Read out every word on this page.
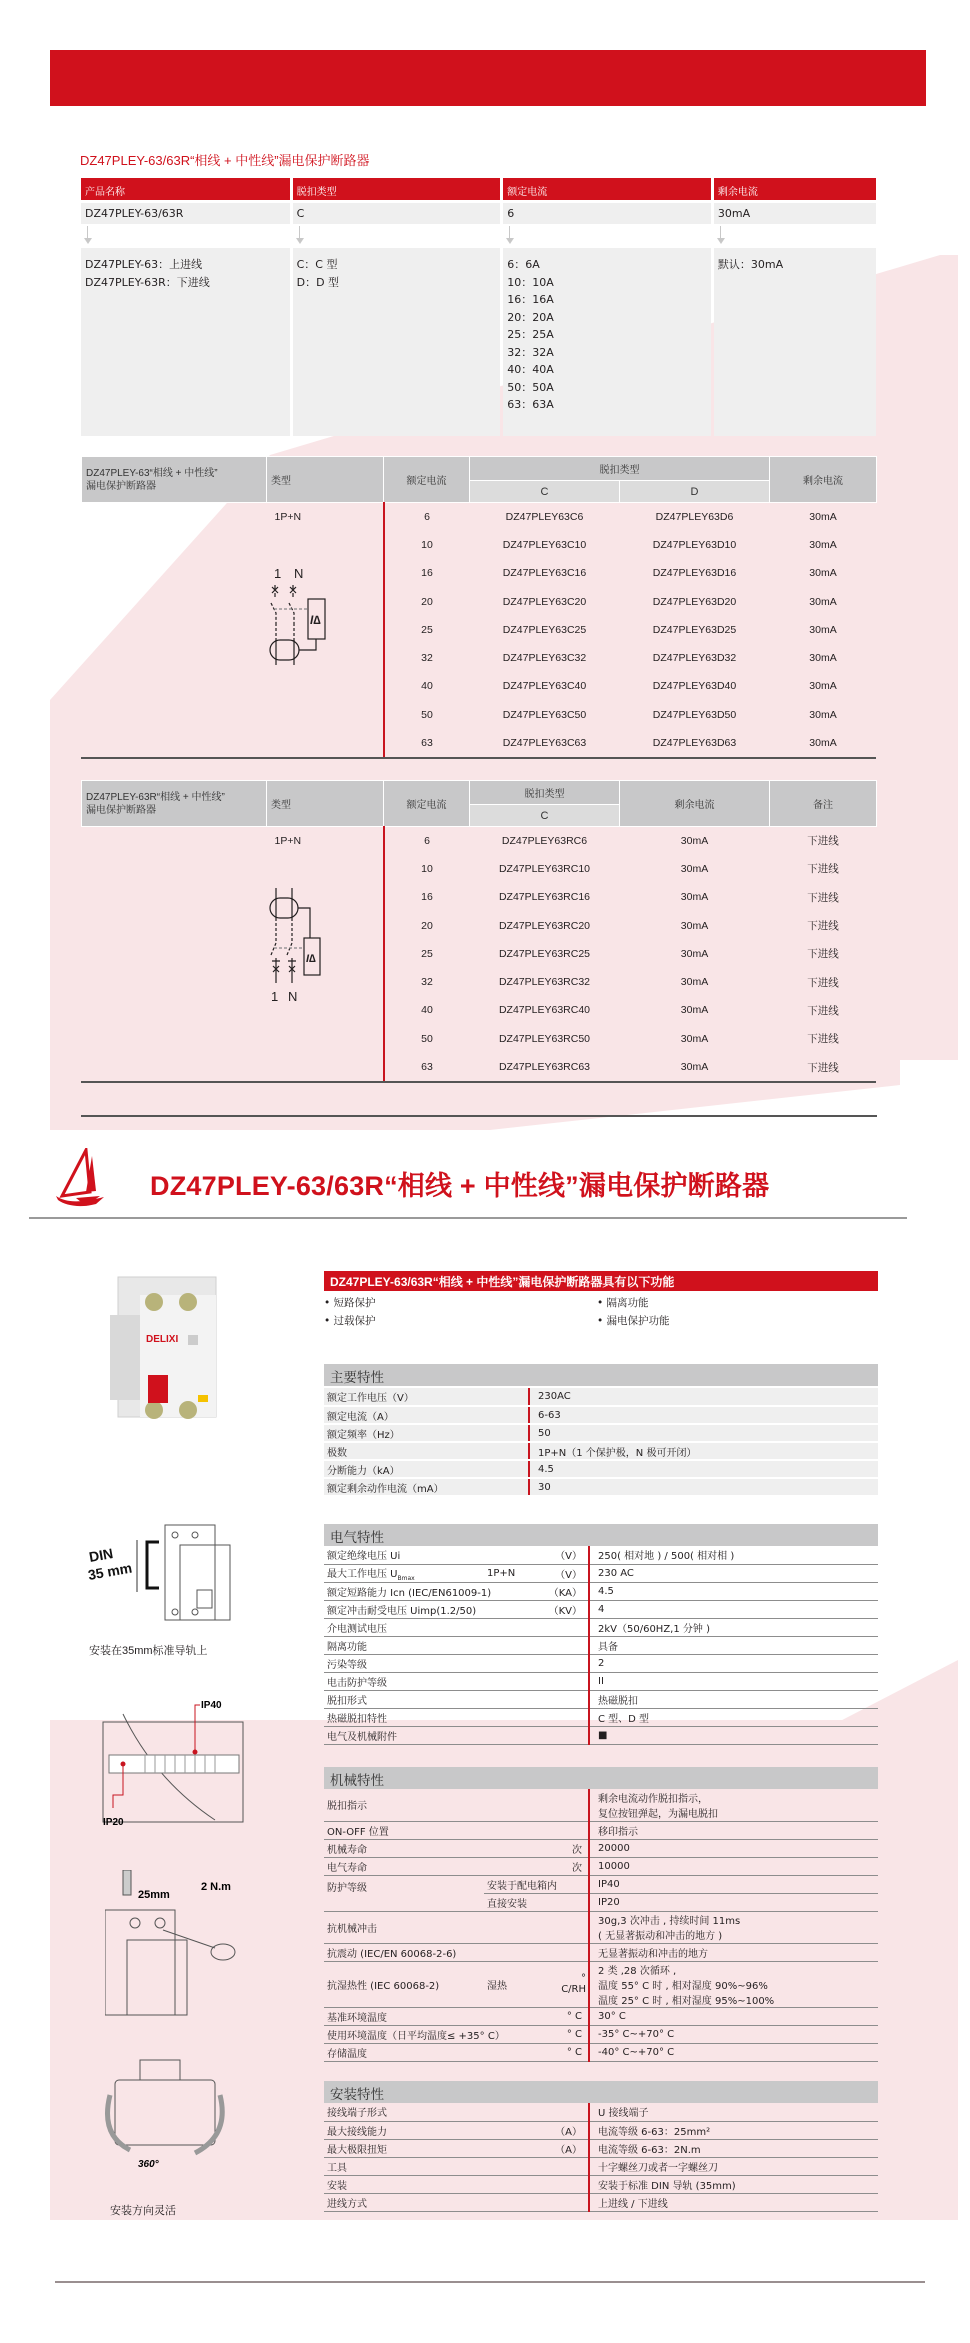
DZ47PLEY-63/63R“相线 + 中性线”漏电保护断路器
产品名称	脱扣类型	额定电流	剩余电流
DZ47PLEY-63/63R	C	6	30mA
DZ47PLEY-63：上进线
DZ47PLEY-63R：下进线
C：C 型
D：D 型
6：6A
10：10A
16：16A
20：20A
25：25A
32：32A
40：40A
50：50A
63：63A
默认：30mA
DZ47PLEY-63“相线 + 中性线”
漏电保护断路器	类型	额定电流	脱扣类型		剩余电流
			C	D	
1P+N		6	DZ47PLEY63C6	DZ47PLEY63D6	30mA
		10	DZ47PLEY63C10	DZ47PLEY63D10	30mA
		16	DZ47PLEY63C16	DZ47PLEY63D16	30mA
		20	DZ47PLEY63C20	DZ47PLEY63D20	30mA
		25	DZ47PLEY63C25	DZ47PLEY63D25	30mA
		32	DZ47PLEY63C32	DZ47PLEY63D32	30mA
		40	DZ47PLEY63C40	DZ47PLEY63D40	30mA
		50	DZ47PLEY63C50	DZ47PLEY63D50	30mA
		63	DZ47PLEY63C63	DZ47PLEY63D63	30mA
1 N
I∆
DZ47PLEY-63R“相线 + 中性线”
漏电保护断路器	类型	额定电流	脱扣类型	剩余电流	备注
			C		
1P+N		6	DZ47PLEY63RC6	30mA	下进线
		10	DZ47PLEY63RC10	30mA	下进线
		16	DZ47PLEY63RC16	30mA	下进线
		20	DZ47PLEY63RC20	30mA	下进线
		25	DZ47PLEY63RC25	30mA	下进线
		32	DZ47PLEY63RC32	30mA	下进线
		40	DZ47PLEY63RC40	30mA	下进线
		50	DZ47PLEY63RC50	30mA	下进线
		63	DZ47PLEY63RC63	30mA	下进线
I∆
1 N
DZ47PLEY-63/63R“相线 + 中性线”漏电保护断路器
DELIXI
DIN
35 mm
安装在35mm标准导轨上
IP40
IP20
25mm
2 N.m
360°
安装方向灵活
DZ47PLEY-63/63R“相线 + 中性线”漏电保护断路器具有以下功能
• 短路保护	• 隔离功能
• 过载保护	• 漏电保护功能
主要特性
额定工作电压（V）	230AC
额定电流（A）	6-63
额定频率（Hz）	50
极数	1P+N（1 个保护极，N 极可开闭）
分断能力（kA）	4.5
额定剩余动作电流（mA）	30
电气特性
额定绝缘电压 Ui		（V）	250( 相对地 ) / 500( 相对相 )
最大工作电压 $U_{Bmax}$	1P+N	（V）	230 AC
额定短路能力 Icn (IEC/EN61009-1)		（KA）	4.5
额定冲击耐受电压 Uimp(1.2/50)		（KV）	4
介电测试电压			2kV（50/60HZ,1 分钟 )
隔离功能			具备
污染等级			2
电击防护等级			II
脱扣形式			热磁脱扣
热磁脱扣特性			C 型、D 型
电气及机械附件			■
机械特性
脱扣指示			剩余电流动作脱扣指示，
复位按钮弹起，为漏电脱扣

ON-OFF 位置			移印指示
机械寿命		次	20000
电气寿命		次	10000
防护等级	安装于配电箱内		IP40
	直接安装		IP20
抗机械冲击			30g,3 次冲击 , 持续时间 11ms
( 无显著振动和冲击的地方 )

抗震动 (IEC/EN 60068-2-6)			无显著振动和冲击的地方
抗湿热性 (IEC 60068-2)	湿热	° C/RH	2 类 ,28 次循环 ,
温度 55° C 时 , 相对湿度 90%~96%
温度 25° C 时 , 相对湿度 95%~100%

基准环境温度		° C	30° C
使用环境温度（日平均温度≤ +35° C）		° C	-35° C~+70° C
存储温度		° C	-40° C~+70° C
安装特性
接线端子形式		U 接线端子
最大接线能力	（A）	电流等级 6-63：25mm²
最大极限扭矩	（A）	电流等级 6-63：2N.m
工具		十字螺丝刀或者一字螺丝刀
安装		安装于标准 DIN 导轨 (35mm)
进线方式		上进线 / 下进线
